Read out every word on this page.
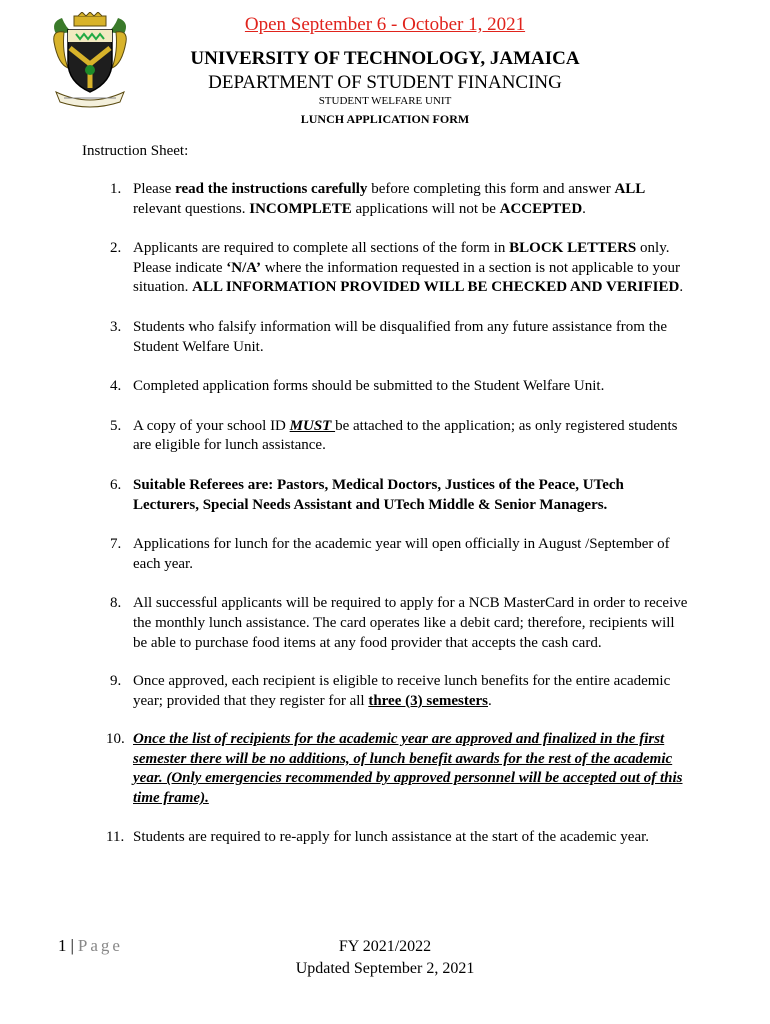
Open September 6 - October 1, 2021
UNIVERSITY OF TECHNOLOGY, JAMAICA
DEPARTMENT OF STUDENT FINANCING
STUDENT WELFARE UNIT
LUNCH APPLICATION FORM
Instruction Sheet:
1. Please read the instructions carefully before completing this form and answer ALL relevant questions. INCOMPLETE applications will not be ACCEPTED.
2. Applicants are required to complete all sections of the form in BLOCK LETTERS only. Please indicate ‘N/A’ where the information requested in a section is not applicable to your situation. ALL INFORMATION PROVIDED WILL BE CHECKED AND VERIFIED.
3. Students who falsify information will be disqualified from any future assistance from the Student Welfare Unit.
4. Completed application forms should be submitted to the Student Welfare Unit.
5. A copy of your school ID MUST be attached to the application; as only registered students are eligible for lunch assistance.
6. Suitable Referees are: Pastors, Medical Doctors, Justices of the Peace, UTech Lecturers, Special Needs Assistant and UTech Middle & Senior Managers.
7. Applications for lunch for the academic year will open officially in August /September of each year.
8. All successful applicants will be required to apply for a NCB MasterCard in order to receive the monthly lunch assistance. The card operates like a debit card; therefore, recipients will be able to purchase food items at any food provider that accepts the cash card.
9. Once approved, each recipient is eligible to receive lunch benefits for the entire academic year; provided that they register for all three (3) semesters.
10. Once the list of recipients for the academic year are approved and finalized in the first semester there will be no additions, of lunch benefit awards for the rest of the academic year. (Only emergencies recommended by approved personnel will be accepted out of this time frame).
11. Students are required to re-apply for lunch assistance at the start of the academic year.
1 | Page	FY 2021/2022
Updated September 2, 2021
